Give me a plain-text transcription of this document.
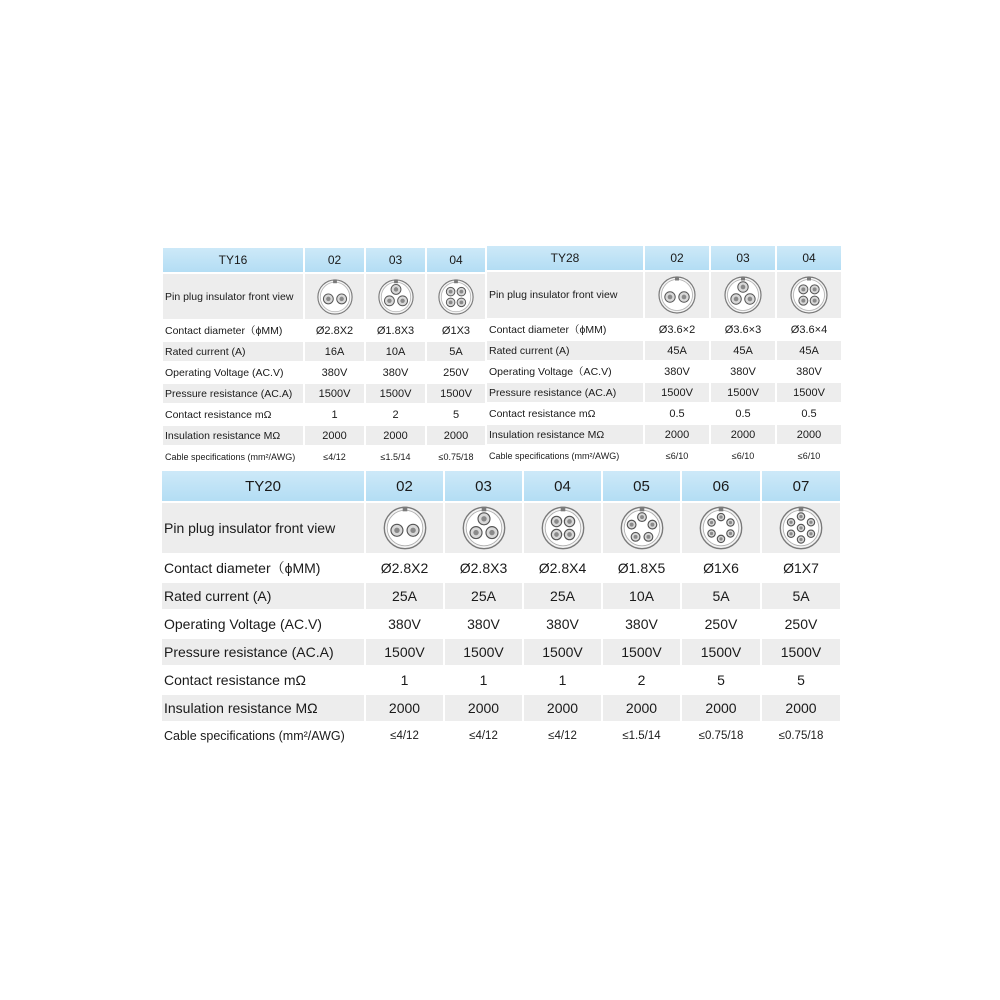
TY16	02	03	04
Pin plug insulator front view	

Contact diameter（ϕMM)	Ø2.8X2	Ø1.8X3	Ø1X3
Rated current (A)	16A	10A	5A
Operating Voltage (AC.V)	380V	380V	250V
Pressure resistance (AC.A)	1500V	1500V	1500V
Contact resistance mΩ	1	2	5
Insulation resistance MΩ	2000	2000	2000
Cable specifications (mm²/AWG)	≤4/12	≤1.5/14	≤0.75/18
TY28	02	03	04
Pin plug insulator front view	

Contact diameter（ϕMM)	Ø3.6×2	Ø3.6×3	Ø3.6×4
Rated current (A)	45A	45A	45A
Operating Voltage（AC.V)	380V	380V	380V
Pressure resistance (AC.A)	1500V	1500V	1500V
Contact resistance mΩ	0.5	0.5	0.5
Insulation resistance MΩ	2000	2000	2000
Cable specifications (mm²/AWG)	≤6/10	≤6/10	≤6/10
TY20	02	03	04	05	06	07
Pin plug insulator front view	

Contact diameter（ϕMM)	Ø2.8X2	Ø2.8X3	Ø2.8X4	Ø1.8X5	Ø1X6	Ø1X7
Rated current (A)	25A	25A	25A	10A	5A	5A
Operating Voltage (AC.V)	380V	380V	380V	380V	250V	250V
Pressure resistance (AC.A)	1500V	1500V	1500V	1500V	1500V	1500V
Contact resistance mΩ	1	1	1	2	5	5
Insulation resistance MΩ	2000	2000	2000	2000	2000	2000
Cable specifications (mm²/AWG)	≤4/12	≤4/12	≤4/12	≤1.5/14	≤0.75/18	≤0.75/18
